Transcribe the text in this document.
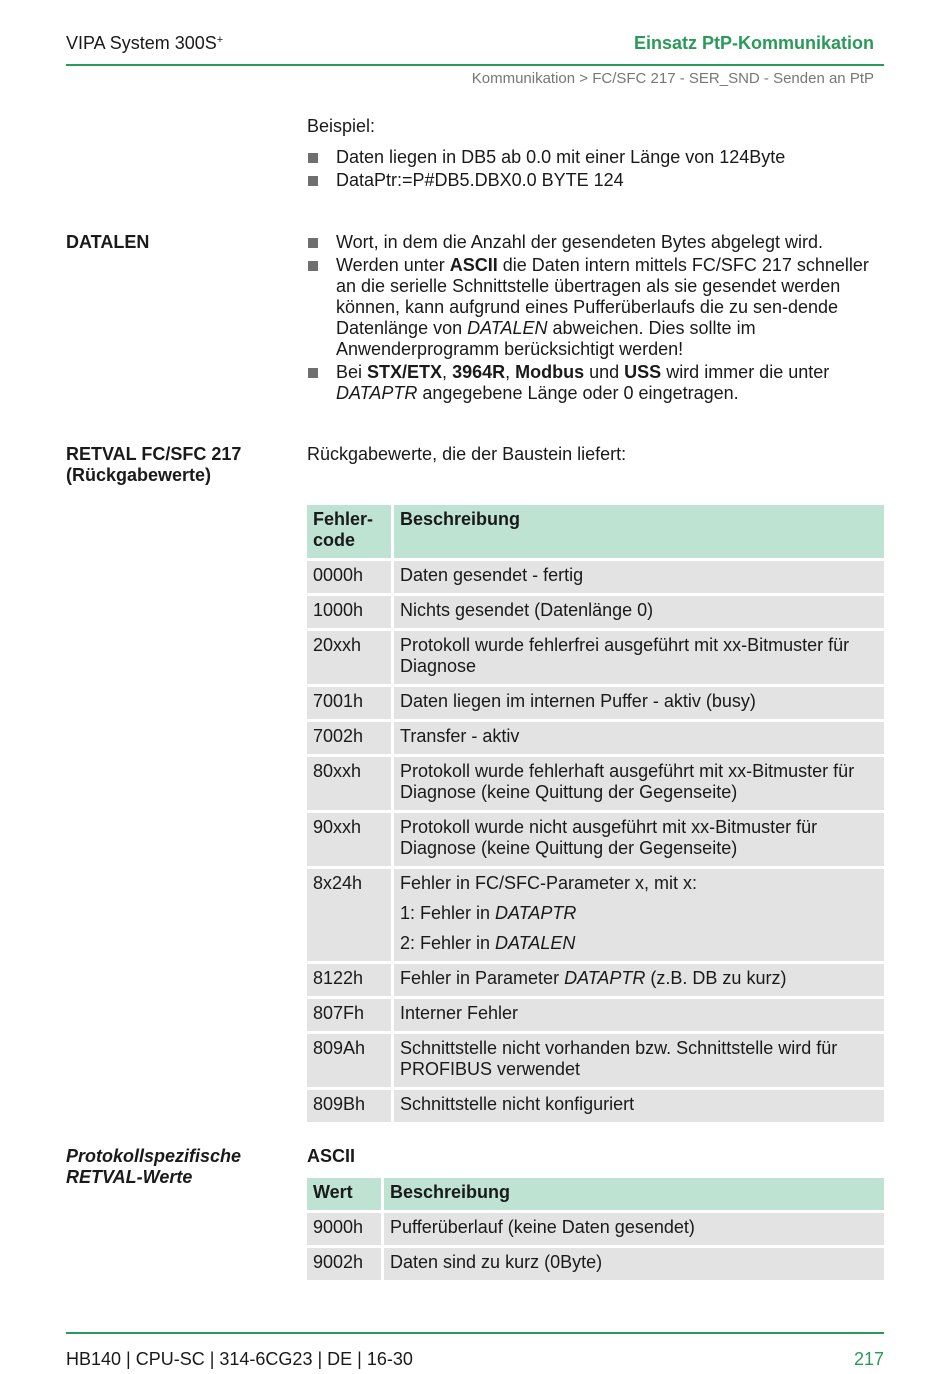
VIPA System 300S+	Einsatz PtP-Kommunikation
Kommunikation > FC/SFC 217 - SER_SND - Senden an PtP
Beispiel:
Daten liegen in DB5 ab 0.0 mit einer Länge von 124Byte
DataPtr:=P#DB5.DBX0.0 BYTE 124
DATALEN	Wort, in dem die Anzahl der gesendeten Bytes abgelegt wird.
Werden unter ASCII die Daten intern mittels FC/SFC 217 schneller an die serielle Schnittstelle übertragen als sie gesendet werden können, kann aufgrund eines Pufferüberlaufs die zu sen-dende Datenlänge von DATALEN abweichen. Dies sollte im Anwenderprogramm berücksichtigt werden!
Bei STX/ETX, 3964R, Modbus und USS wird immer die unter DATAPTR angegebene Länge oder 0 eingetragen.
RETVAL FC/SFC 217
(Rückgabewerte)
Rückgabewerte, die der Baustein liefert:
Fehler-
code	Beschreibung
0000h	Daten gesendet - fertig
1000h	Nichts gesendet (Datenlänge 0)
20xxh	Protokoll wurde fehlerfrei ausgeführt mit xx-Bitmuster für Diagnose
7001h	Daten liegen im internen Puffer - aktiv (busy)
7002h	Transfer - aktiv
80xxh	Protokoll wurde fehlerhaft ausgeführt mit xx-Bitmuster für Diagnose (keine Quittung der Gegenseite)
90xxh	Protokoll wurde nicht ausgeführt mit xx-Bitmuster für Diagnose (keine Quittung der Gegenseite)
8x24h	Fehler in FC/SFC-Parameter x, mit x:

1: Fehler in DATAPTR

2: Fehler in DATALEN

8122h	Fehler in Parameter DATAPTR (z.B. DB zu kurz)
807Fh	Interner Fehler
809Ah	Schnittstelle nicht vorhanden bzw. Schnittstelle wird für PROFIBUS verwendet
809Bh	Schnittstelle nicht konfiguriert
Protokollspezifische
RETVAL-Werte
ASCII
Wert	Beschreibung
9000h	Pufferüberlauf (keine Daten gesendet)
9002h	Daten sind zu kurz (0Byte)
HB140 | CPU-SC | 314-6CG23 | DE | 16-30	217
